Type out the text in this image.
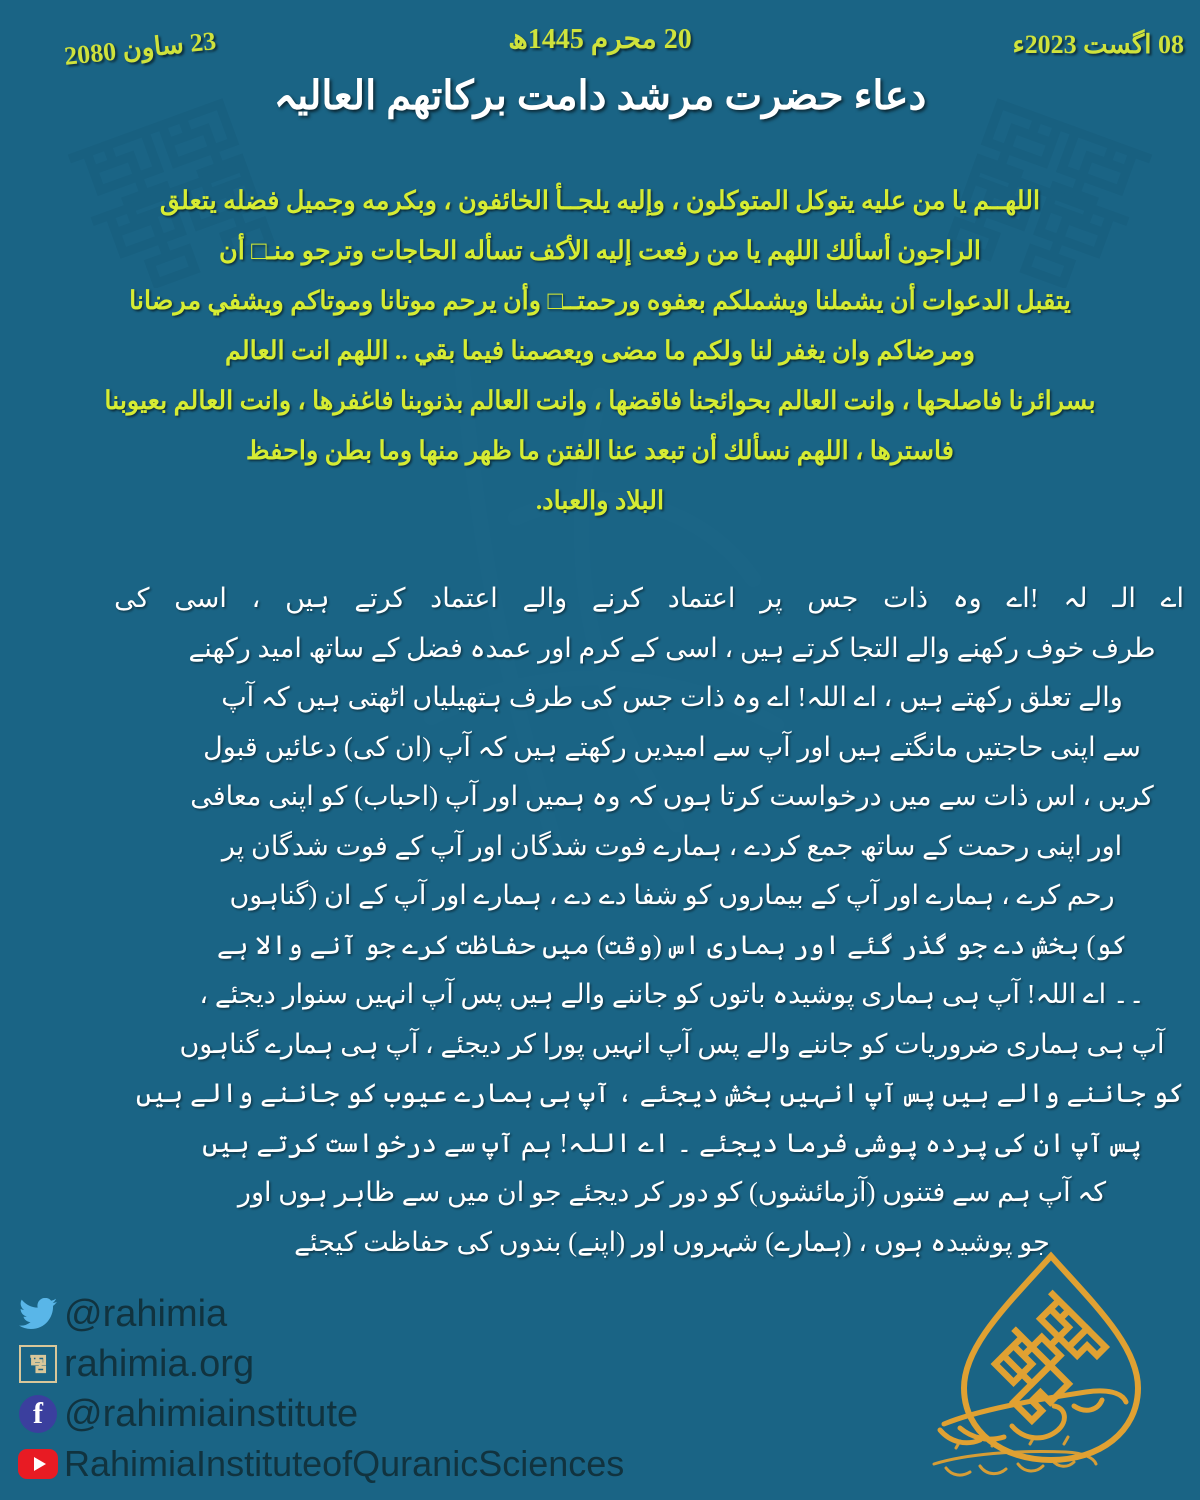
20 محرم 1445ھ	08 اگست 2023ء
23 ساون 2080
دعاء حضرت مرشد دامت بركاتهم العالیہ
اللهــم یا من علیه یتوکل المتوکلون ، وإلیه یلجــأ الخائفون ، وبکرمه وجمیل فضله یتعلق
الراجون أسألك اللهم یا من رفعت إلیه الأکف تسأله الحاجات وترجو منـ□ أن
یتقبل الدعوات أن یشملنا ویشملکم بعفوه ورحمتــ□ وأن یرحم موتانا وموتاکم ویشفي مرضانا
ومرضاکم وان یغفر لنا ولکم ما مضى ویعصمنا فیما بقي .. اللهم انت العالم
بسرائرنا فاصلحها ، وانت العالم بحوائجنا فاقضها ، وانت العالم بذنوبنا فاغفرها ، وانت العالم بعیوبنا
فاسترها ، اللهم نسألك أن تبعد عنا الفتن ما ظهر منها وما بطن واحفظ
البلاد والعباد.
اے الـ لہ !اے وہ ذات جس پر اعتماد کرنے والے اعتماد کرتے ہیں ، اسی کی
طرف خوف رکھنے والے التجا کرتے ہیں ، اسی کے کرم اور عمدہ فضل کے ساتھ امید رکھنے
والے تعلق رکھتے ہیں ، اے اللہ! اے وہ ذات جس کی طرف ہتھیلیاں اٹھتی ہیں کہ آپ
سے اپنی حاجتیں مانگتے ہیں اور آپ سے امیدیں رکھتے ہیں کہ آپ (ان کی) دعائیں قبول
کریں ، اس ذات سے میں درخواست کرتا ہوں کہ وہ ہمیں اور آپ (احباب) کو اپنی معافی
اور اپنی رحمت کے ساتھ جمع کردے ، ہمارے فوت شدگان اور آپ کے فوت شدگان پر
رحم کرے ، ہمارے اور آپ کے بیماروں کو شفا دے دے ، ہمارے اور آپ کے ان (گناہوں
کو) بخش دے جو گذر گئے اور ہماری اس (وقت) میں حفاظت کرے جو آنے والا ہے
۔۔ اے اللہ! آپ ہی ہماری پوشیدہ باتوں کو جاننے والے ہیں پس آپ انہیں سنوار دیجئے ،
آپ ہی ہماری ضروریات کو جاننے والے پس آپ انہیں پورا کر دیجئے ، آپ ہی ہمارے گناہوں
کو جاننے والے ہیں پس آپ انہیں بخش دیجئے ، آپ ہی ہمارے عیوب کو جاننے والے ہیں
پس آپ ان کی پردہ پوشی فرما دیجئے ۔ اے اللہ! ہم آپ سے درخواست کرتے ہیں
کہ آپ ہم سے فتنوں (آزمائشوں) کو دور کر دیجئے جو ان میں سے ظاہر ہوں اور
جو پوشیدہ ہوں ، (ہمارے) شہروں اور (اپنے) بندوں کی حفاظت کیجئے
@rahimia
rahimia.org
f @rahimiainstitute
RahimiaInstituteofQuranicSciences
